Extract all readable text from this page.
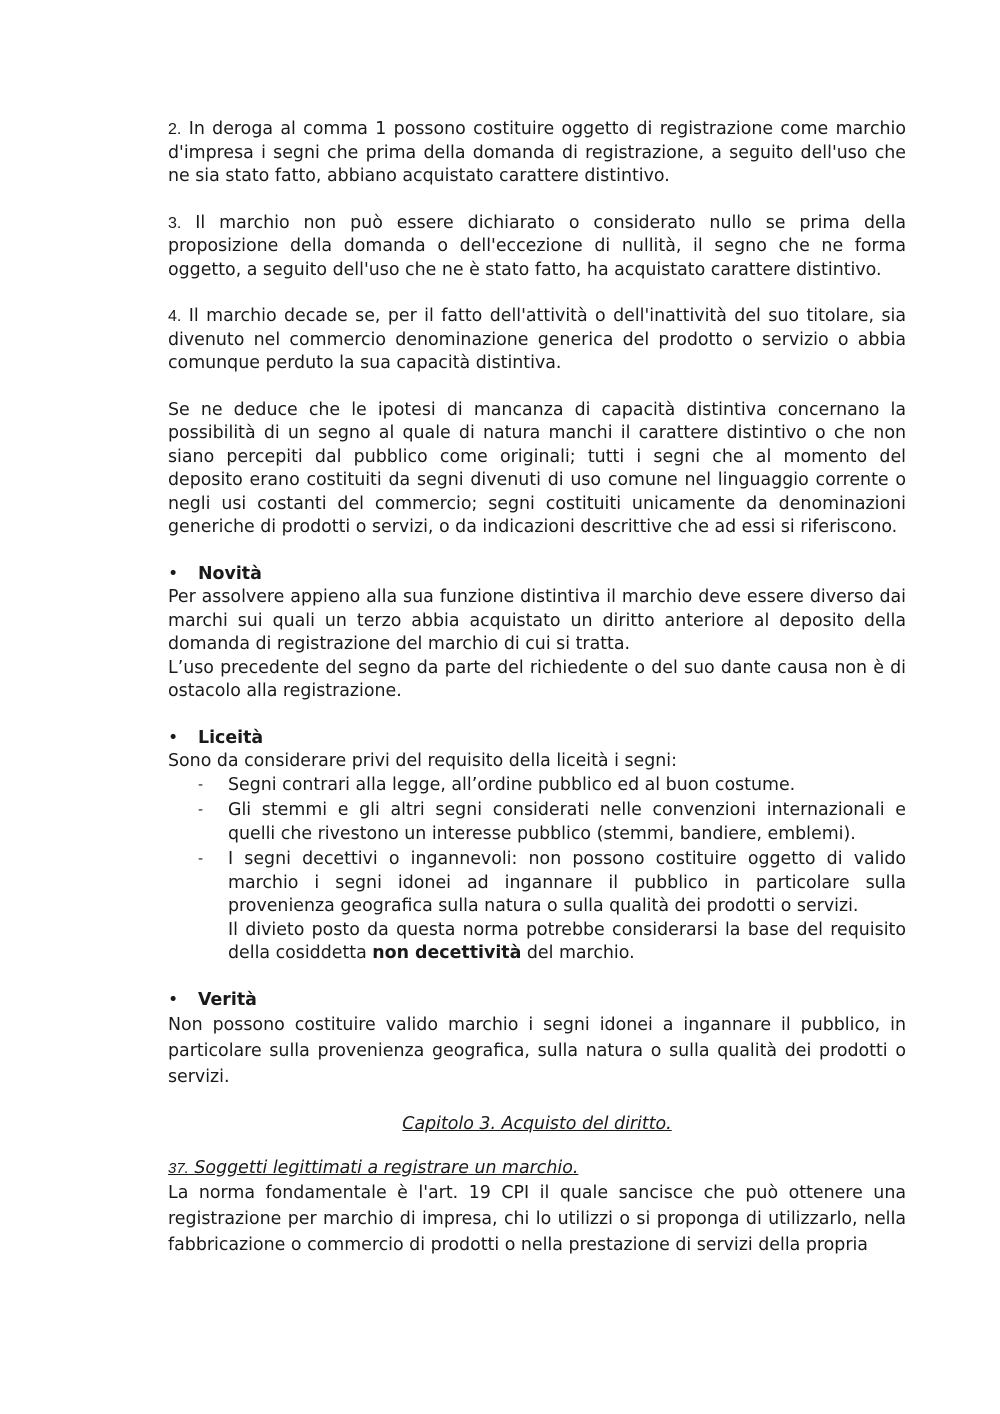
2. In deroga al comma 1 possono costituire oggetto di registrazione come marchio d'impresa i segni che prima della domanda di registrazione, a seguito dell'uso che ne sia stato fatto, abbiano acquistato carattere distintivo.

3. Il marchio non può essere dichiarato o considerato nullo se prima della proposizione della domanda o dell'eccezione di nullità, il segno che ne forma oggetto, a seguito dell'uso che ne è stato fatto, ha acquistato carattere distintivo.

4. Il marchio decade se, per il fatto dell'attività o dell'inattività del suo titolare, sia divenuto nel commercio denominazione generica del prodotto o servizio o abbia comunque perduto la sua capacità distintiva.

Se ne deduce che le ipotesi di mancanza di capacità distintiva concernano la possibilità di un segno al quale di natura manchi il carattere distintivo o che non siano percepiti dal pubblico come originali; tutti i segni che al momento del deposito erano costituiti da segni divenuti di uso comune nel linguaggio corrente o negli usi costanti del commercio; segni costituiti unicamente da denominazioni generiche di prodotti o servizi, o da indicazioni descrittive che ad essi si riferiscono.

•	Novità

Per assolvere appieno alla sua funzione distintiva il marchio deve essere diverso dai marchi sui quali un terzo abbia acquistato un diritto anteriore al deposito della domanda di registrazione del marchio di cui si tratta.

L’uso precedente del segno da parte del richiedente o del suo dante causa non è di ostacolo alla registrazione.

•	Liceità

Sono da considerare privi del requisito della liceità i segni:

-	Segni contrari alla legge, all’ordine pubblico ed al buon costume.
-	Gli stemmi e gli altri segni considerati nelle convenzioni internazionali e quelli che rivestono un interesse pubblico (stemmi, bandiere, emblemi).
-	I segni decettivi o ingannevoli: non possono costituire oggetto di valido marchio i segni idonei ad ingannare il pubblico in particolare sulla provenienza geografica sulla natura o sulla qualità dei prodotti o servizi.
Il divieto posto da questa norma potrebbe considerarsi la base del requisito della cosiddetta non decettività del marchio.
•	Verità

Non possono costituire valido marchio i segni idonei a ingannare il pubblico, in particolare sulla provenienza geografica, sulla natura o sulla qualità dei prodotti o servizi.

Capitolo 3. Acquisto del diritto.

37. Soggetti legittimati a registrare un marchio.

La norma fondamentale è l'art. 19 CPI il quale sancisce che può ottenere una registrazione per marchio di impresa, chi lo utilizzi o si proponga di utilizzarlo, nella fabbricazione o commercio di prodotti o nella prestazione di servizi della propria
